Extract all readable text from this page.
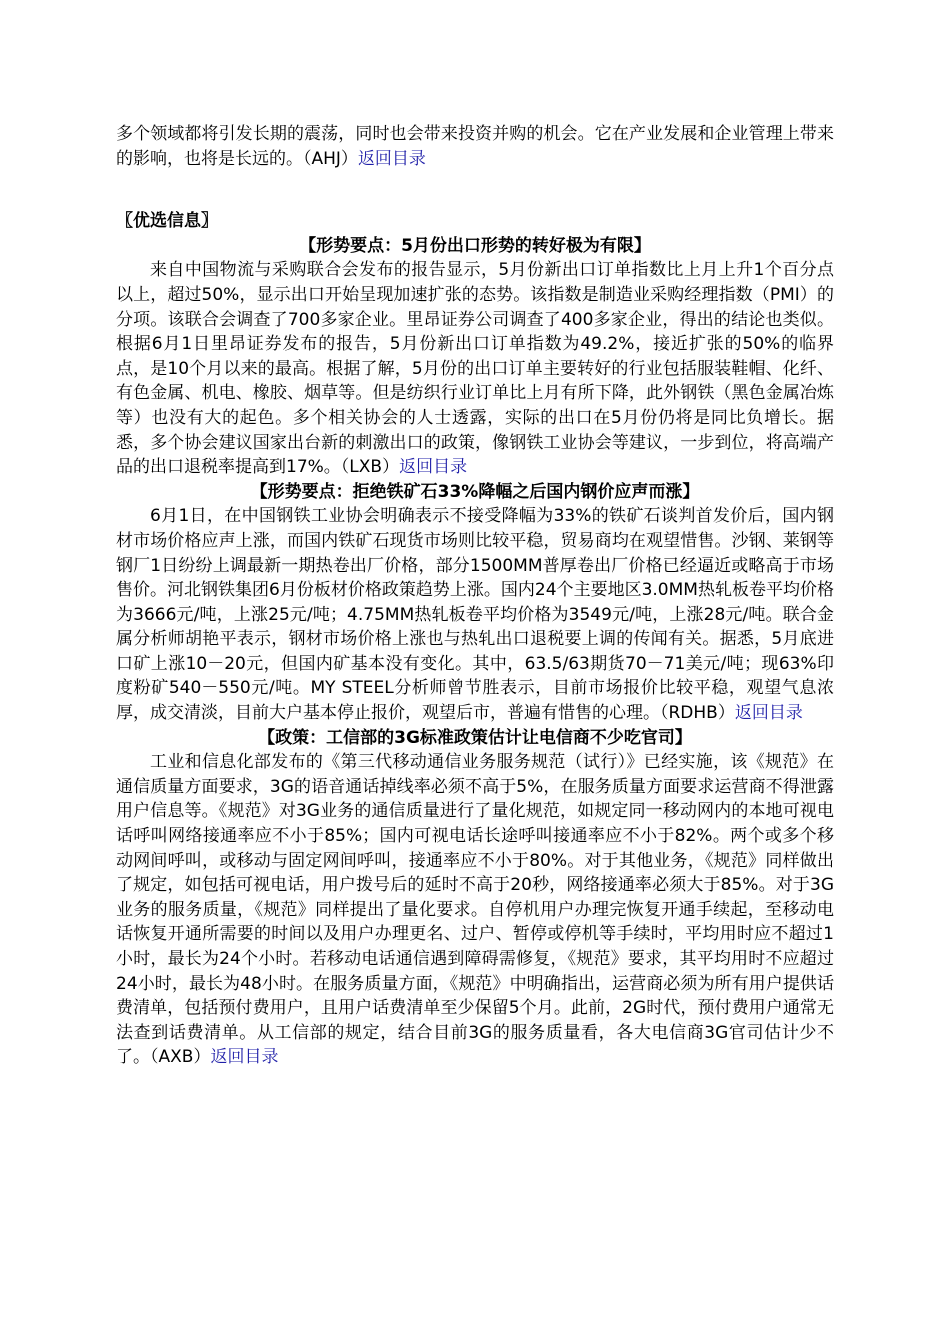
多个领域都将引发长期的震荡，同时也会带来投资并购的机会。它在产业发展和企业管理上带来的影响，也将是长远的。（AHJ）返回目录

〖优选信息〗

【形势要点：5月份出口形势的转好极为有限】

来自中国物流与采购联合会发布的报告显示，5月份新出口订单指数比上月上升1个百分点以上，超过50%，显示出口开始呈现加速扩张的态势。该指数是制造业采购经理指数（PMI）的分项。该联合会调查了700多家企业。里昂证券公司调查了400多家企业，得出的结论也类似。根据6月1日里昂证券发布的报告，5月份新出口订单指数为49.2%，接近扩张的50%的临界点，是10个月以来的最高。根据了解，5月份的出口订单主要转好的行业包括服装鞋帽、化纤、有色金属、机电、橡胶、烟草等。但是纺织行业订单比上月有所下降，此外钢铁（黑色金属冶炼等）也没有大的起色。多个相关协会的人士透露，实际的出口在5月份仍将是同比负增长。据悉，多个协会建议国家出台新的刺激出口的政策，像钢铁工业协会等建议，一步到位，将高端产品的出口退税率提高到17%。（LXB）返回目录

【形势要点：拒绝铁矿石33%降幅之后国内钢价应声而涨】

6月1日，在中国钢铁工业协会明确表示不接受降幅为33%的铁矿石谈判首发价后，国内钢材市场价格应声上涨，而国内铁矿石现货市场则比较平稳，贸易商均在观望惜售。沙钢、莱钢等钢厂1日纷纷上调最新一期热卷出厂价格，部分1500MM普厚卷出厂价格已经逼近或略高于市场售价。河北钢铁集团6月份板材价格政策趋势上涨。国内24个主要地区3.0MM热轧板卷平均价格为3666元/吨，上涨25元/吨；4.75MM热轧板卷平均价格为3549元/吨，上涨28元/吨。联合金属分析师胡艳平表示，钢材市场价格上涨也与热轧出口退税要上调的传闻有关。据悉，5月底进口矿上涨10－20元，但国内矿基本没有变化。其中，63.5/63期货70－71美元/吨；现63%印度粉矿540－550元/吨。MY STEEL分析师曾节胜表示，目前市场报价比较平稳，观望气息浓厚，成交清淡，目前大户基本停止报价，观望后市，普遍有惜售的心理。（RDHB）返回目录

【政策：工信部的3G标准政策估计让电信商不少吃官司】

工业和信息化部发布的《第三代移动通信业务服务规范（试行）》已经实施，该《规范》在通信质量方面要求，3G的语音通话掉线率必须不高于5%，在服务质量方面要求运营商不得泄露用户信息等。《规范》对3G业务的通信质量进行了量化规范，如规定同一移动网内的本地可视电话呼叫网络接通率应不小于85%；国内可视电话长途呼叫接通率应不小于82%。两个或多个移动网间呼叫，或移动与固定网间呼叫，接通率应不小于80%。对于其他业务，《规范》同样做出了规定，如包括可视电话，用户拨号后的延时不高于20秒，网络接通率必须大于85%。对于3G业务的服务质量，《规范》同样提出了量化要求。自停机用户办理完恢复开通手续起，至移动电话恢复开通所需要的时间以及用户办理更名、过户、暂停或停机等手续时，平均用时应不超过1小时，最长为24个小时。若移动电话通信遇到障碍需修复，《规范》要求，其平均用时不应超过24小时，最长为48小时。在服务质量方面，《规范》中明确指出，运营商必须为所有用户提供话费清单，包括预付费用户，且用户话费清单至少保留5个月。此前，2G时代，预付费用户通常无法查到话费清单。从工信部的规定，结合目前3G的服务质量看，各大电信商3G官司估计少不了。（AXB）返回目录
